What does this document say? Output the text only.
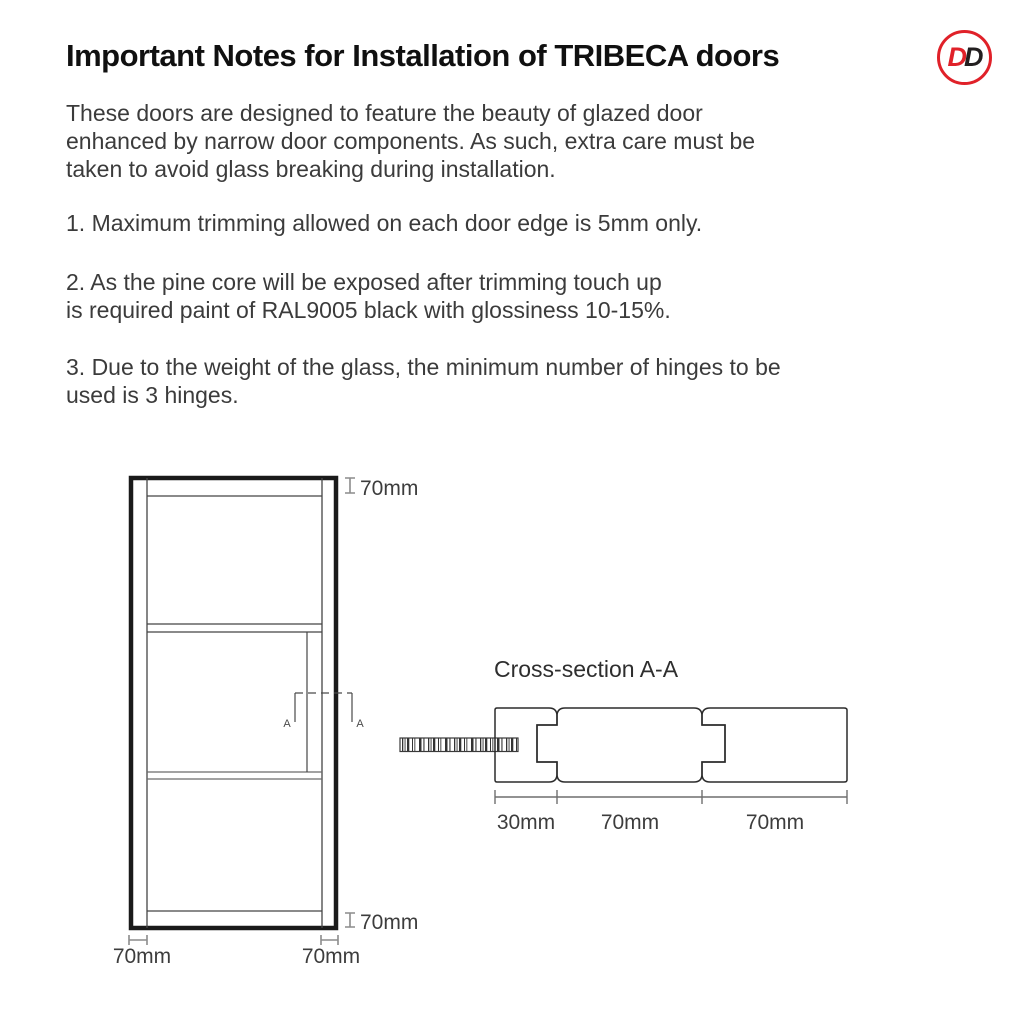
Important Notes for Installation of TRIBECA doors	D D
These doors are designed to feature the beauty of glazed door
enhanced by narrow door components. As such, extra care must be
taken to avoid glass breaking during installation.
1. Maximum trimming allowed on each door edge is 5mm only.
2. As the pine core will be exposed after trimming touch up
is required paint of RAL9005 black with glossiness 10-15%.
3. Due to the weight of the glass, the minimum number of hinges to be
used is 3 hinges.
A	A
70mm
70mm
70mm	70mm
Cross-section A-A
30mm 70mm	70mm
